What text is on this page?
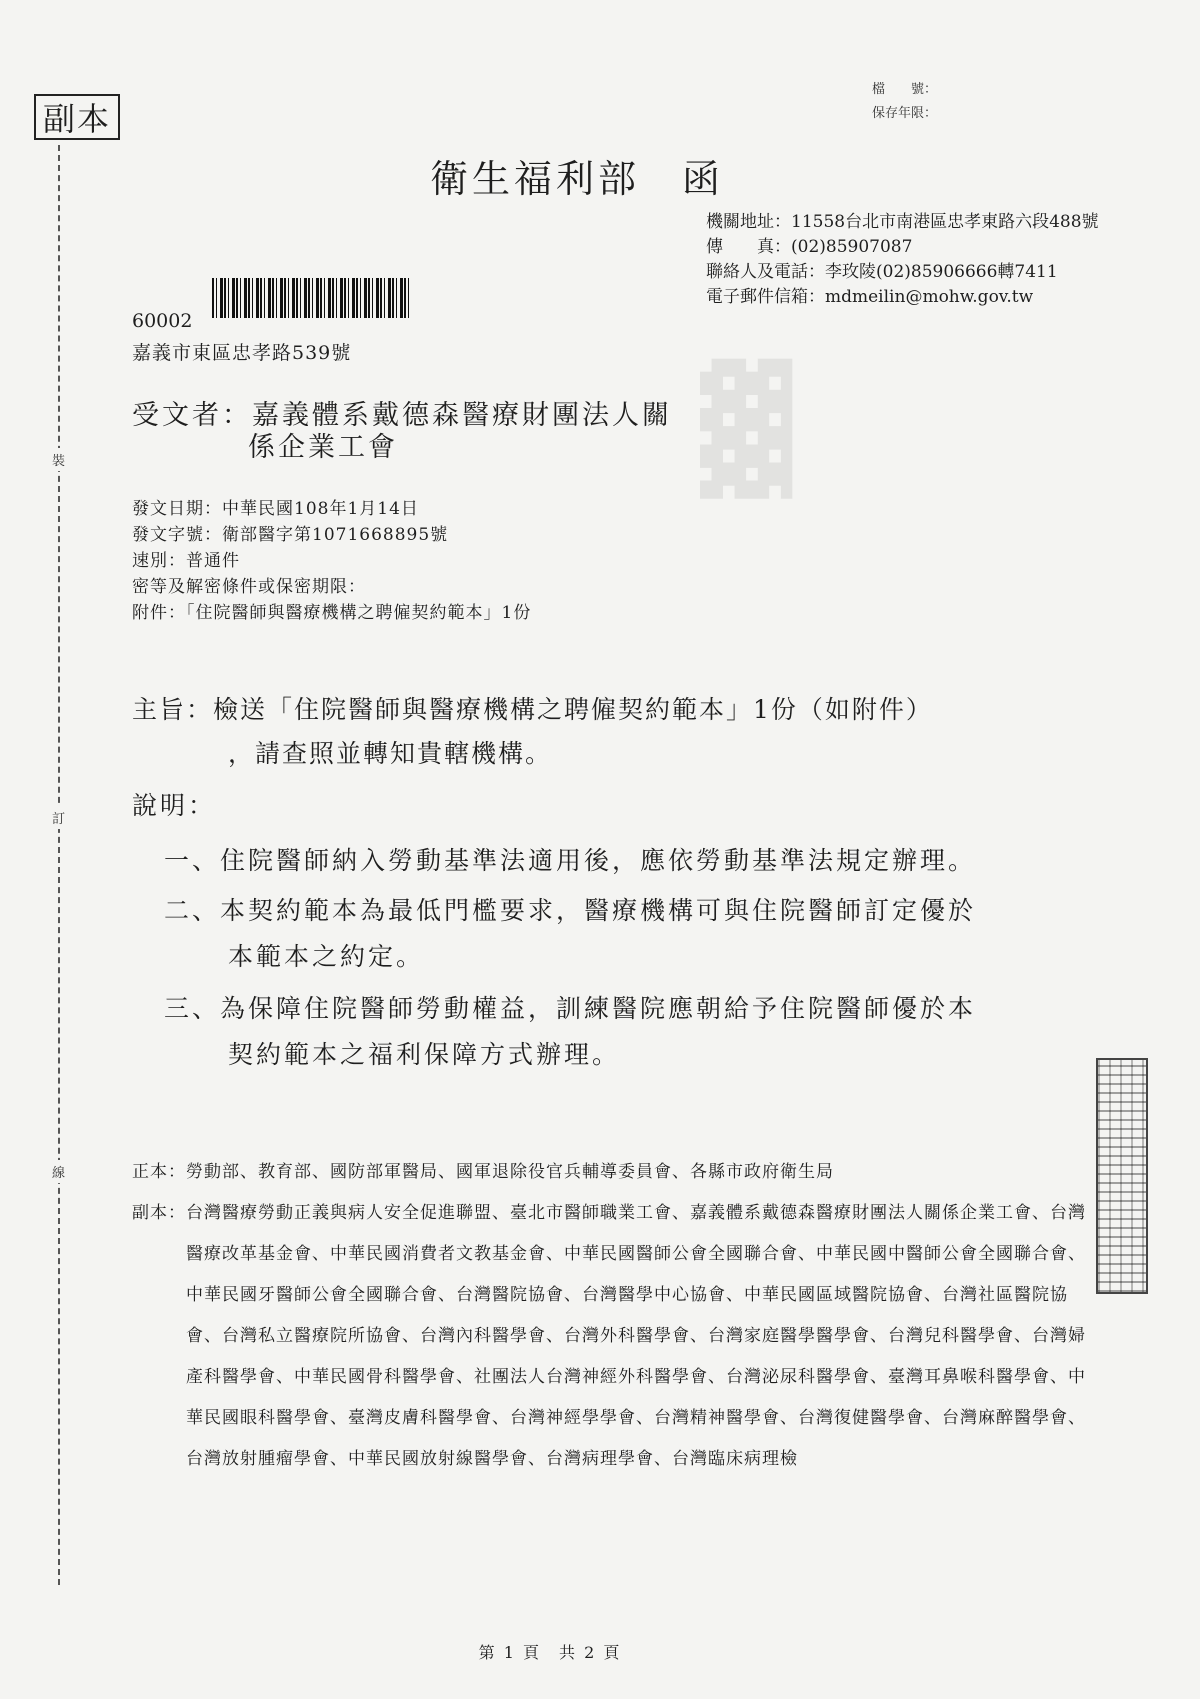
▓
副本
裝
訂
線
檔　　號：
保存年限：
衛生福利部　函
機關地址：11558台北市南港區忠孝東路六段488號
傳　　真：(02)85907087
聯絡人及電話：李玫陵(02)85906666轉7411
電子郵件信箱：mdmeilin@mohw.gov.tw
60002
嘉義市東區忠孝路539號
受文者：嘉義體系戴德森醫療財團法人關
係企業工會
發文日期：中華民國108年1月14日
發文字號：衛部醫字第1071668895號
速別：普通件
密等及解密條件或保密期限：
附件：「住院醫師與醫療機構之聘僱契約範本」1份
主旨：檢送「住院醫師與醫療機構之聘僱契約範本」1份（如附件）
，請查照並轉知貴轄機構。
說明：
一、住院醫師納入勞動基準法適用後，應依勞動基準法規定辦理。
二、本契約範本為最低門檻要求，醫療機構可與住院醫師訂定優於
本範本之約定。
三、為保障住院醫師勞動權益，訓練醫院應朝給予住院醫師優於本
契約範本之福利保障方式辦理。
正本： 勞動部、教育部、國防部軍醫局、國軍退除役官兵輔導委員會、各縣市政府衛生局
副本： 台灣醫療勞動正義與病人安全促進聯盟、臺北市醫師職業工會、嘉義體系戴德森醫療財團法人關係企業工會、台灣醫療改革基金會、中華民國消費者文教基金會、中華民國醫師公會全國聯合會、中華民國中醫師公會全國聯合會、中華民國牙醫師公會全國聯合會、台灣醫院協會、台灣醫學中心協會、中華民國區域醫院協會、台灣社區醫院協會、台灣私立醫療院所協會、台灣內科醫學會、台灣外科醫學會、台灣家庭醫學醫學會、台灣兒科醫學會、台灣婦產科醫學會、中華民國骨科醫學會、社團法人台灣神經外科醫學會、台灣泌尿科醫學會、臺灣耳鼻喉科醫學會、中華民國眼科醫學會、臺灣皮膚科醫學會、台灣神經學學會、台灣精神醫學會、台灣復健醫學會、台灣麻醉醫學會、台灣放射腫瘤學會、中華民國放射線醫學會、台灣病理學會、台灣臨床病理檢
第 1 頁　共 2 頁
